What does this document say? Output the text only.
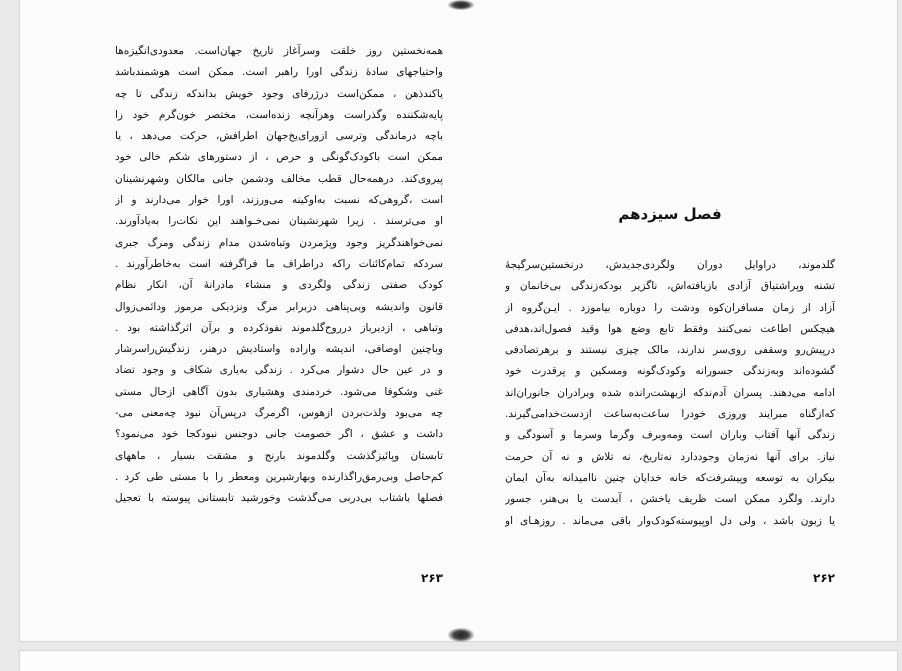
همه‌نخستین روز خلقت وسرآغاز تاریخ جهان‌است. معدودی‌انگیزه‌ها
واحتیاجهای سادهٔ زندگی اورا راهبر است. ممکن است هوشمندباشد
یاکندذهن ، ممکن‌است درژرفای وجود خویش بداندکه زندگی تا چه
پایه‌شکننده وگذراست وهرآنچه زنده‌است، مختصر خون‌گرم خود را
باچه درماندگی وترسی ازورای‌یخ‌جهان اطرافش، حرکت می‌دهد ، یا
ممکن است باکودک‌گونگی و حرص ، از دستورهای شکم خالی خود
پیروی‌کند. درهمه‌حال قطب مخالف ودشمن جانی مالکان وشهرنشینان
است ،گروهی‌که نسبت به‌اوکینه می‌ورزند، اورا خوار می‌دارند و از
او می‌ترسند . زیرا شهرنشینان نمی‌خـواهند این نکات‌را به‌یادآورند.
نمی‌خواهندگریز وجود وپژمردن وتباه‌شدن مدام زندگی ومرگ جبری
سردکه تمام‌کائنات راکه دراطراف ما فراگرفته است به‌خاطرآورند .
کودک صفتی زندگی ولگردی و منشاء مادرانهٔ آن، انکار نظام
قانون واندیشه وبی‌پناهی دربرابر مرگ ونزدیکی مرموز ودائمی‌زوال
وتباهی ، ازدیرباز درروح‌گلدموند نفوذکرده و برآن اثرگذاشته بود .
وباچنین اوصافی، اندیشه واراده واستادیش درهنر، زندگیش‌راسرشار
و در عین حال دشوار می‌کرد . زندگی به‌یاری شکاف و وجود تضاد
غنی وشکوفا می‌شود. خردمندی وهشیاری بدون آگاهی ازحال مستی
چه می‌بود ولذت‌بردن ازهوس، اگرمرگ درپس‌آن نبود چه‌معنی می‌-
داشت و عشق ، اگر خصومت جانی دوجنس نبودکجا خود می‌نمود؟
تابستان وپائیزگذشت وگلدموند بارنج و مشقت بسیار ، ماههای
کم‌حاصل وبی‌رمق‌راگذارنده وبهارشیرین ومعطر را با مستی طی کرد .
فصلها باشتاب بی‌دربی می‌گذشت وخورشید تابستانی پیوسته با تعجیل
۲۶۳
فصل سیزدهم
گلدموند، دراوایل دوران ولگردی‌جدیدش، درنخستین‌سرگیجهٔ
تشنه وپراشتیاق آزادی بازیافته‌اش، ناگزیر بودکه‌زندگی بی‌خانمان و
آزاد از زمان مسافران‌کوه ودشت را دوباره بیاموزد . ایـن‌گروه از
هیچکس اطاعت نمی‌کنند وفقط تابع وضع هوا وقید فصول‌اند،هدفی
درپیش‌رو وسقفی روی‌سر ندارند، مالک چیزی نیستند و برهرتصادفی
گشوده‌اند وبه‌زندگی جسورانه وکودک‌گونه ومسکین و پرقدرت خود
ادامه می‌دهند. پسران آدم‌ندکه ازبهشت‌رانده شده وبرادران جانوران‌اند
که‌ازگناه مبرایند وروزی خودرا ساعت‌به‌ساعت ازدست‌خدامی‌گیرند.
زندگی آنها آفتاب وباران است ومه‌وبرف وگرما وسرما و آسودگی و
نیاز. برای آنها نه‌زمان وجوددارد نه‌تاریخ، نه تلاش و نه آن حرمت
بیکران به توسعه وپیشرفت‌که خانه خدایان چنین ناامیدانه به‌آن ایمان
دارند. ولگرد ممکن است ظریف یاخشن ، آبدست یا بی‌هنر، جسور
یا زبون باشد ، ولی دل اوپیوسته‌کودک‌وار باقی می‌ماند . روزهـای او
۲۶۲
